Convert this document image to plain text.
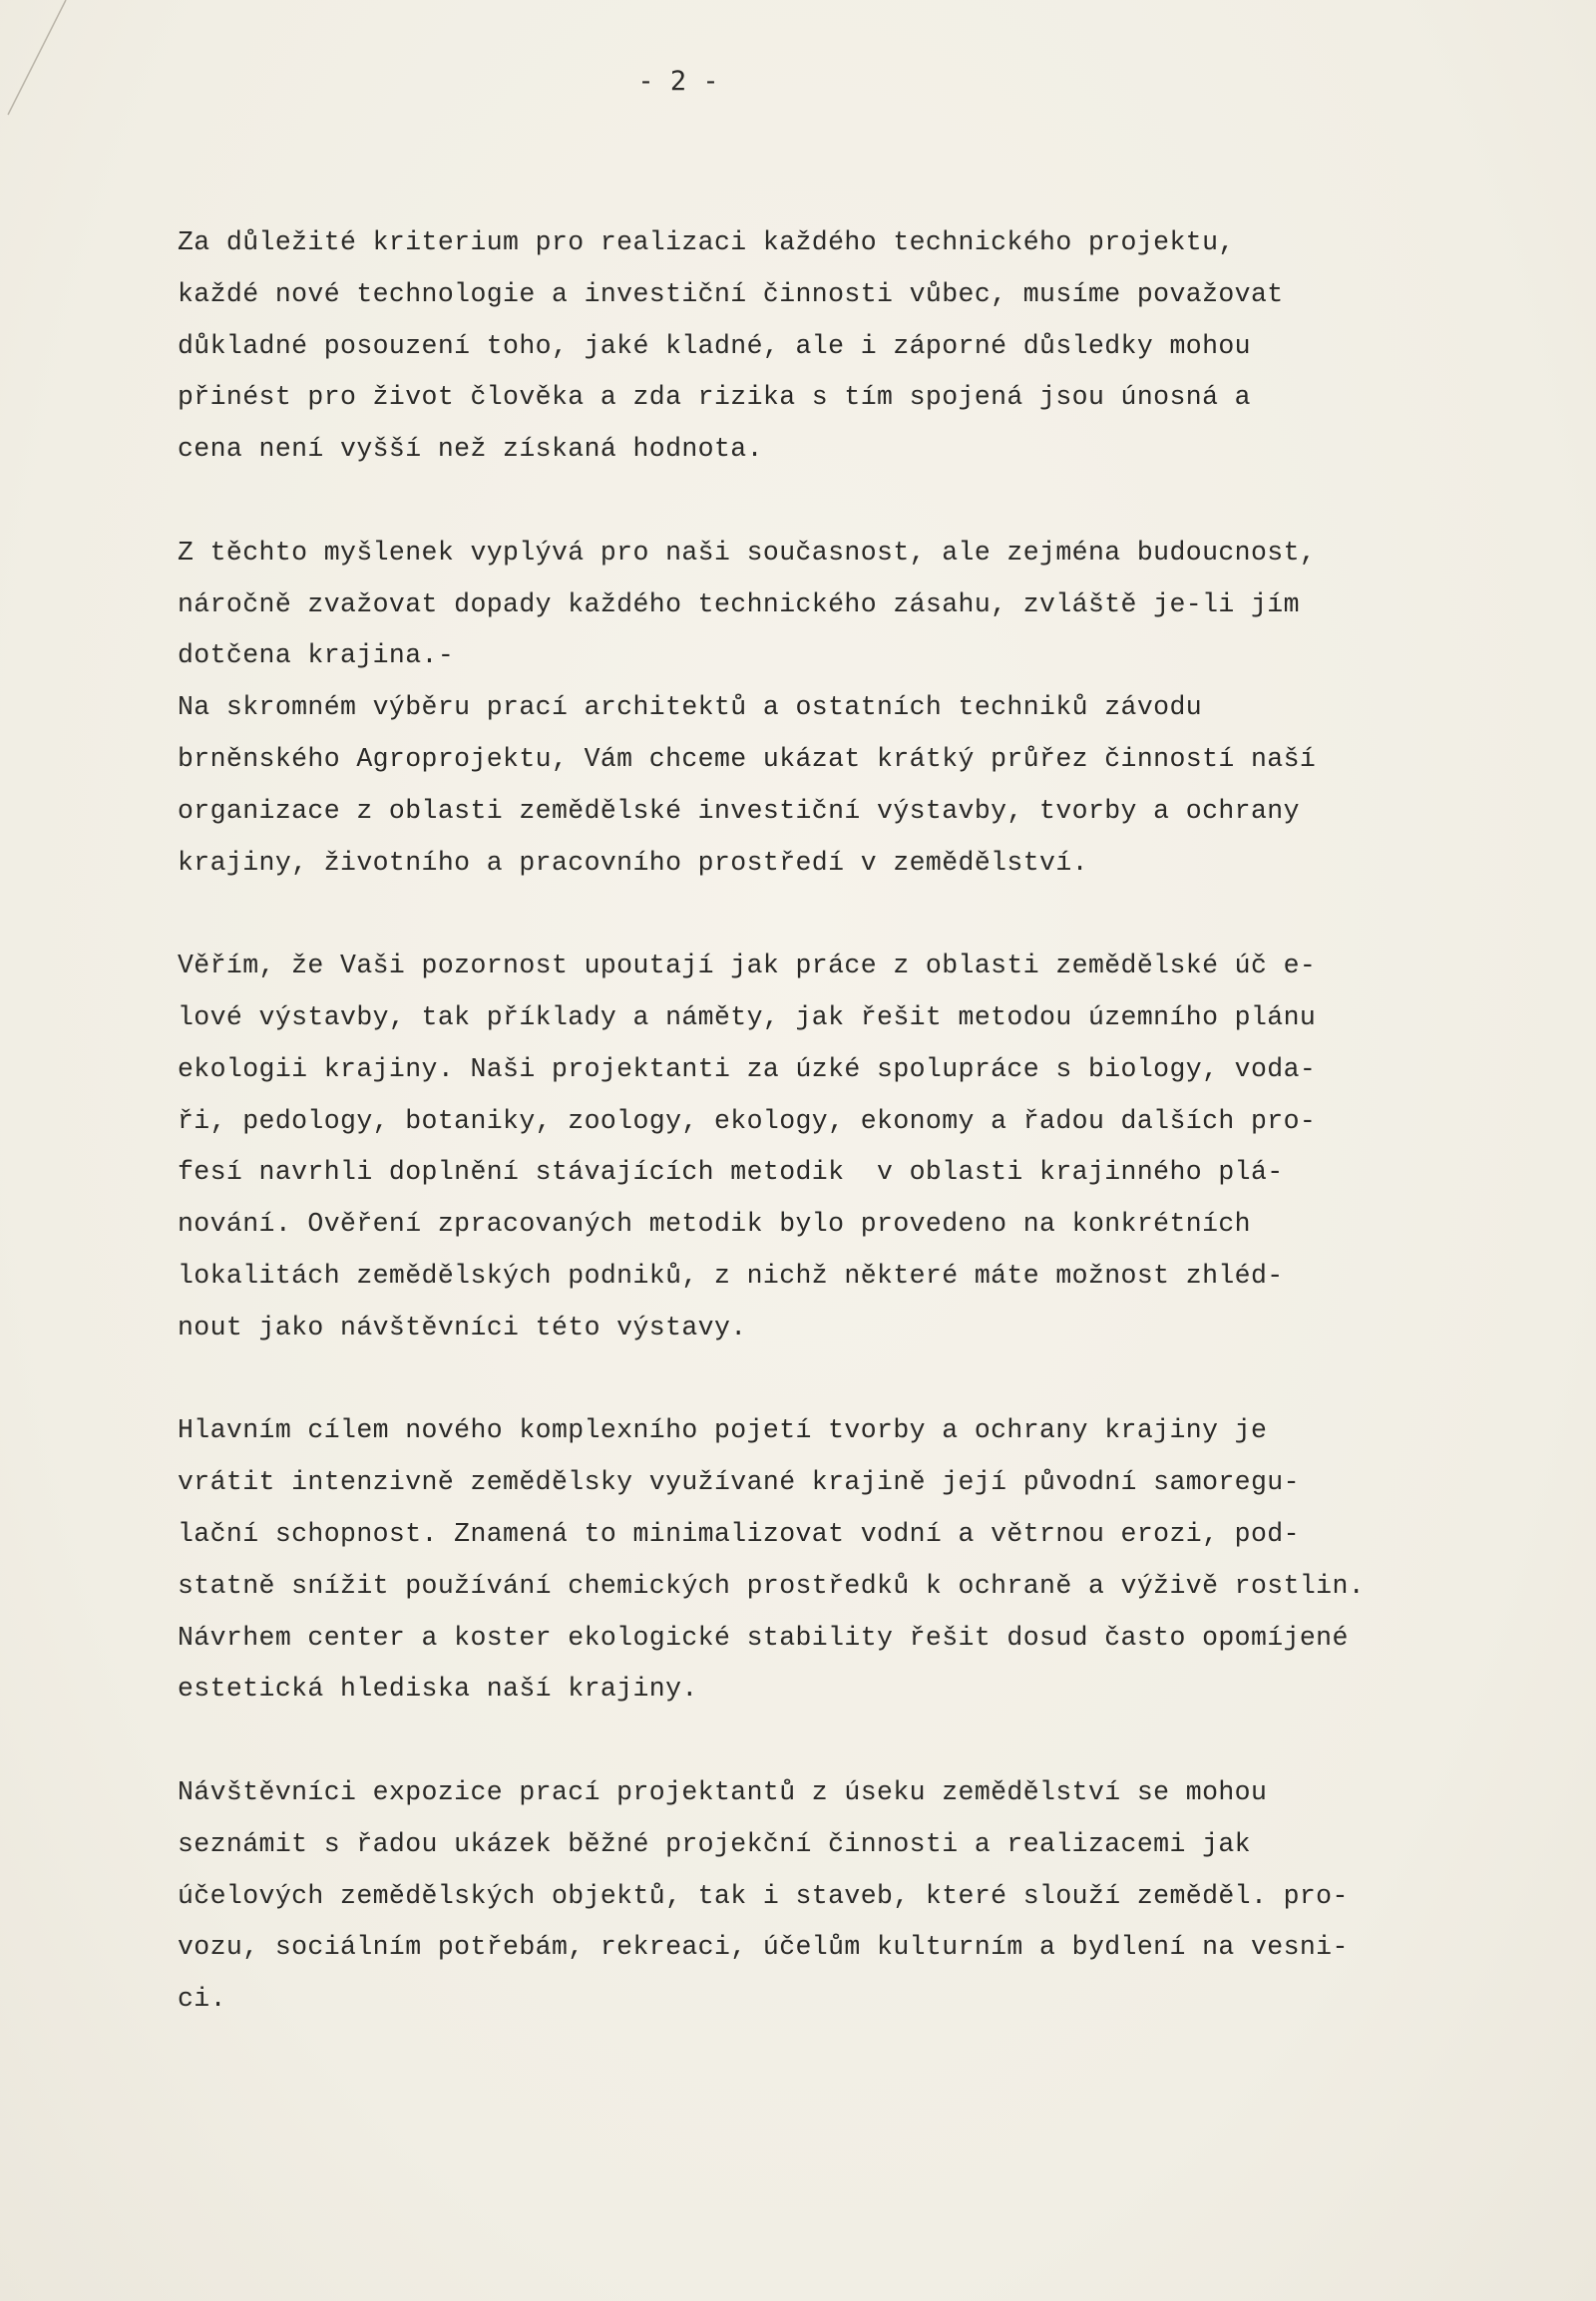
- 2 -
Za důležité kriterium pro realizaci každého technického projektu,
každé nové technologie a investiční činnosti vůbec, musíme považovat
důkladné posouzení toho, jaké kladné, ale i záporné důsledky mohou
přinést pro život člověka a zda rizika s tím spojená jsou únosná a
cena není vyšší než získaná hodnota.
Z těchto myšlenek vyplývá pro naši současnost, ale zejména budoucnost,
náročně zvažovat dopady každého technického zásahu, zvláště je-li jím
dotčena krajina.-
Na skromném výběru prací architektů a ostatních techniků závodu
brněnského Agroprojektu, Vám chceme ukázat krátký průřez činností naší
organizace z oblasti zemědělské investiční výstavby, tvorby a ochrany
krajiny, životního a pracovního prostředí v zemědělství.
Věřím, že Vaši pozornost upoutají jak práce z oblasti zemědělské úč e-
lové výstavby, tak příklady a náměty, jak řešit metodou územního plánu
ekologii krajiny. Naši projektanti za úzké spolupráce s biology, voda-
ři, pedology, botaniky, zoology, ekology, ekonomy a řadou dalších pro-
fesí navrhli doplnění stávajících metodik  v oblasti krajinného plá-
nování. Ověření zpracovaných metodik bylo provedeno na konkrétních
lokalitách zemědělských podniků, z nichž některé máte možnost zhléd-
nout jako návštěvníci této výstavy.
Hlavním cílem nového komplexního pojetí tvorby a ochrany krajiny je
vrátit intenzivně zemědělsky využívané krajině její původní samoregu-
lační schopnost. Znamená to minimalizovat vodní a větrnou erozi, pod-
statně snížit používání chemických prostředků k ochraně a výživě rostlin.
Návrhem center a koster ekologické stability řešit dosud často opomíjené
estetická hlediska naší krajiny.
Návštěvníci expozice prací projektantů z úseku zemědělství se mohou
seznámit s řadou ukázek běžné projekční činnosti a realizacemi jak
účelových zemědělských objektů, tak i staveb, které slouží zeměděl. pro-
vozu, sociálním potřebám, rekreaci, účelům kulturním a bydlení na vesni-
ci.
